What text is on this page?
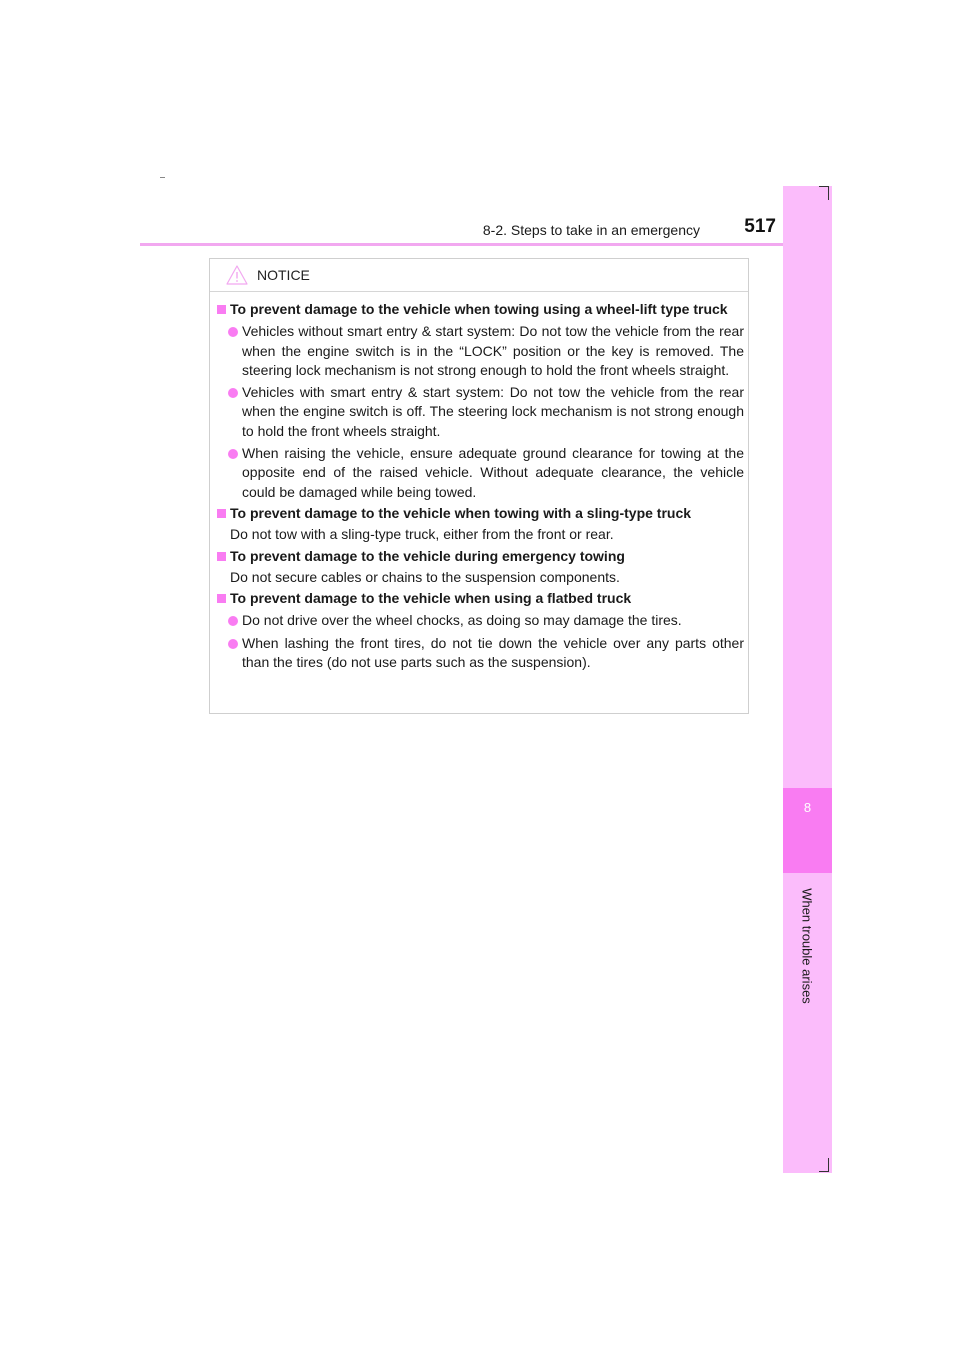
8-2. Steps to take in an emergency 517
8
When trouble arises
NOTICE
To prevent damage to the vehicle when towing using a wheel-lift type truck
Vehicles without smart entry & start system: Do not tow the vehicle from the rear when the engine switch is in the “LOCK” position or the key is removed. The steering lock mechanism is not strong enough to hold the front wheels straight.
Vehicles with smart entry & start system: Do not tow the vehicle from the rear when the engine switch is off. The steering lock mechanism is not strong enough to hold the front wheels straight.
When raising the vehicle, ensure adequate ground clearance for towing at the opposite end of the raised vehicle. Without adequate clearance, the vehicle could be damaged while being towed.
To prevent damage to the vehicle when towing with a sling-type truck
Do not tow with a sling-type truck, either from the front or rear.
To prevent damage to the vehicle during emergency towing
Do not secure cables or chains to the suspension components.
To prevent damage to the vehicle when using a flatbed truck
Do not drive over the wheel chocks, as doing so may damage the tires.
When lashing the front tires, do not tie down the vehicle over any parts other than the tires (do not use parts such as the suspension).
